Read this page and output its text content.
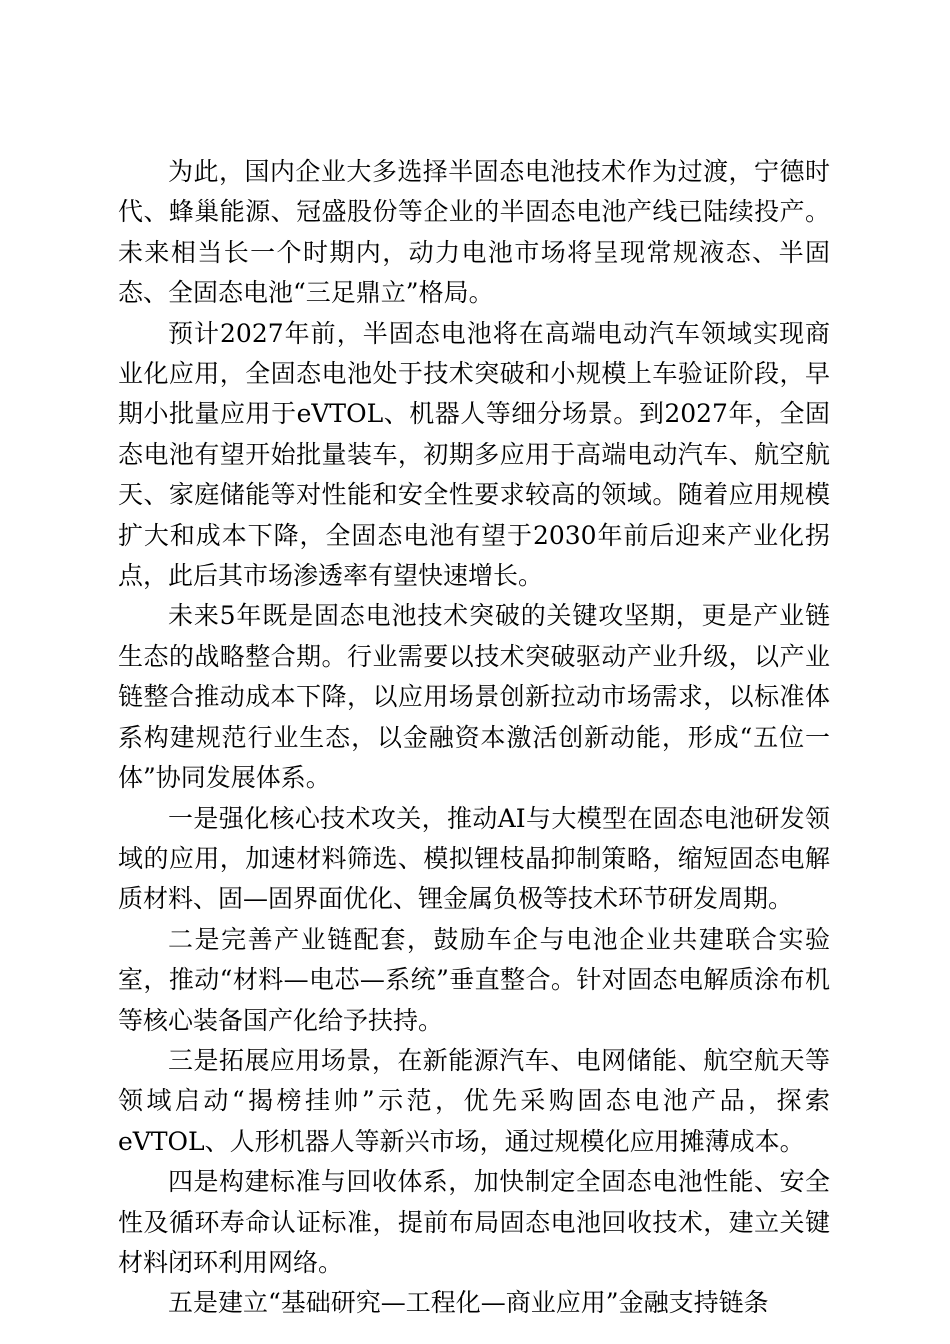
为此，国内企业大多选择半固态电池技术作为过渡，宁德时代、蜂巢能源、冠盛股份等企业的半固态电池产线已陆续投产。未来相当长一个时期内，动力电池市场将呈现常规液态、半固态、全固态电池“三足鼎立”格局。

预计2027年前，半固态电池将在高端电动汽车领域实现商业化应用，全固态电池处于技术突破和小规模上车验证阶段，早期小批量应用于eVTOL、机器人等细分场景。到2027年，全固态电池有望开始批量装车，初期多应用于高端电动汽车、航空航天、家庭储能等对性能和安全性要求较高的领域。随着应用规模扩大和成本下降，全固态电池有望于2030年前后迎来产业化拐点，此后其市场渗透率有望快速增长。

未来5年既是固态电池技术突破的关键攻坚期，更是产业链生态的战略整合期。行业需要以技术突破驱动产业升级，以产业链整合推动成本下降，以应用场景创新拉动市场需求，以标准体系构建规范行业生态，以金融资本激活创新动能，形成“五位一体”协同发展体系。

一是强化核心技术攻关，推动AI与大模型在固态电池研发领域的应用，加速材料筛选、模拟锂枝晶抑制策略，缩短固态电解质材料、固—固界面优化、锂金属负极等技术环节研发周期。

二是完善产业链配套，鼓励车企与电池企业共建联合实验室，推动“材料—电芯—系统”垂直整合。针对固态电解质涂布机等核心装备国产化给予扶持。

三是拓展应用场景，在新能源汽车、电网储能、航空航天等领域启动“揭榜挂帅”示范，优先采购固态电池产品，探索eVTOL、人形机器人等新兴市场，通过规模化应用摊薄成本。

四是构建标准与回收体系，加快制定全固态电池性能、安全性及循环寿命认证标准，提前布局固态电池回收技术，建立关键材料闭环利用网络。

五是建立“基础研究—工程化—商业应用”金融支持链条
